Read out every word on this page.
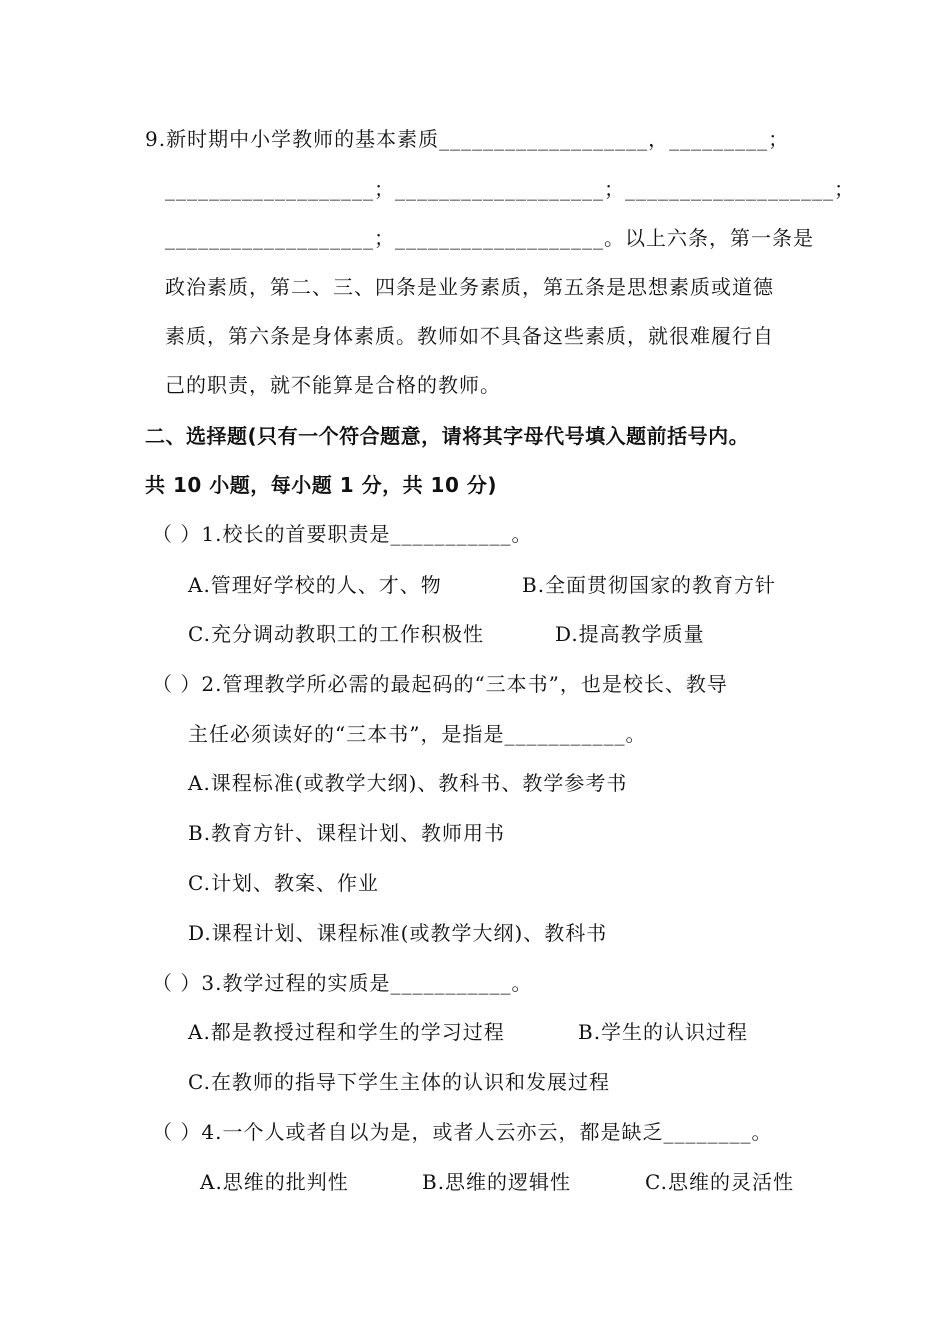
9.新时期中小学教师的基本素质___________________，_________；
___________________；___________________；___________________；
___________________；___________________。以上六条，第一条是
政治素质，第二、三、四条是业务素质，第五条是思想素质或道德
素质，第六条是身体素质。教师如不具备这些素质，就很难履行自
己的职责，就不能算是合格的教师。
二、选择题(只有一个符合题意，请将其字母代号填入题前括号内。
共 10 小题，每小题 1 分，共 10 分)
（ ）1.校长的首要职责是___________。
A.管理好学校的人、才、物	B.全面贯彻国家的教育方针
C.充分调动教职工的工作积极性	D.提高教学质量
（ ）2.管理教学所必需的最起码的“三本书”，也是校长、教导
主任必须读好的“三本书”，是指是___________。
A.课程标准(或教学大纲)、教科书、教学参考书
B.教育方针、课程计划、教师用书
C.计划、教案、作业
D.课程计划、课程标准(或教学大纲)、教科书
（ ）3.教学过程的实质是___________。
A.都是教授过程和学生的学习过程	B.学生的认识过程
C.在教师的指导下学生主体的认识和发展过程
（ ）4.一个人或者自以为是，或者人云亦云，都是缺乏________。
A.思维的批判性	B.思维的逻辑性	C.思维的灵活性
